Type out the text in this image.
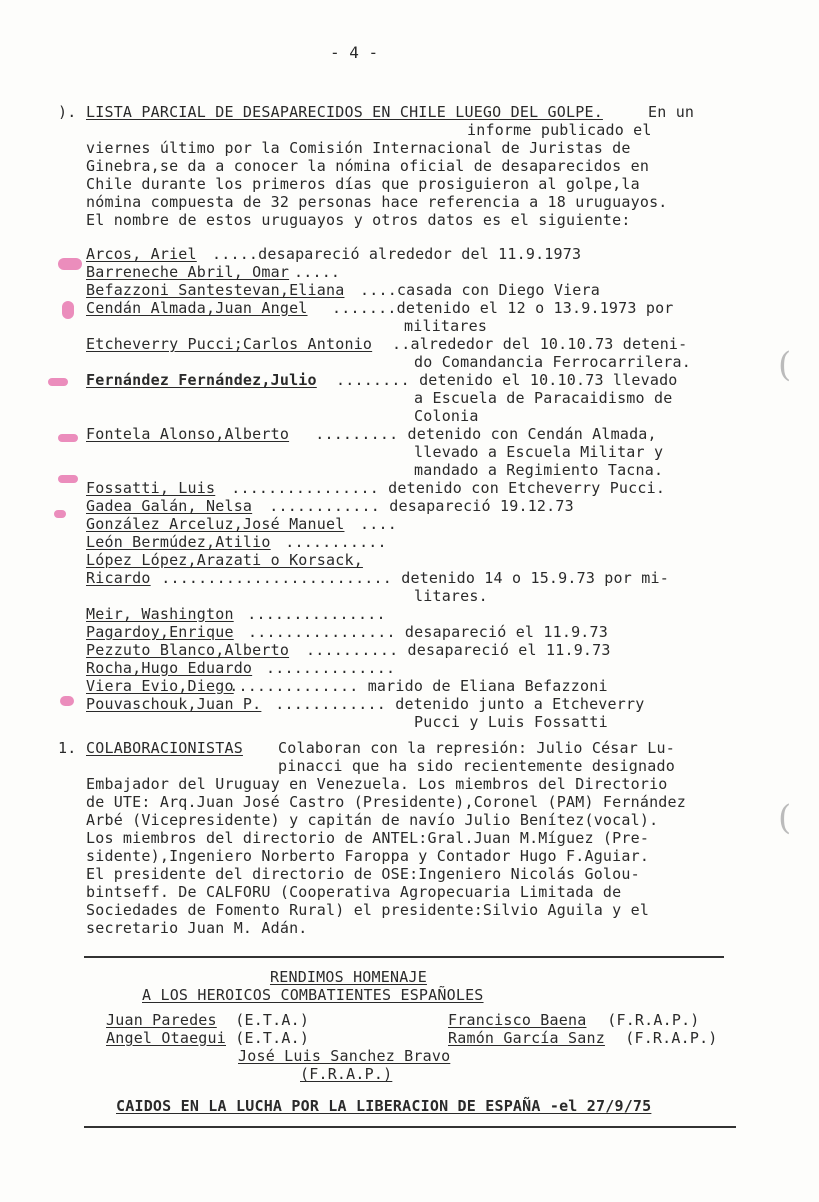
- 4 -
). LISTA PARCIAL DE DESAPARECIDOS EN CHILE LUEGO DEL GOLPE.	En un
informe publicado el
viernes último por la Comisión Internacional de Juristas de
Ginebra,se da a conocer la nómina oficial de desaparecidos en
Chile durante los primeros días que prosiguieron al golpe,la
nómina compuesta de 32 personas hace referencia a 18 uruguayos.
El nombre de estos uruguayos y otros datos es el siguiente:
Arcos, Ariel .....desapareció alrededor del 11.9.1973
Barreneche Abril, Omar .....
Befazzoni Santestevan,Eliana ....casada con Diego Viera
Cendán Almada,Juan Angel .......detenido el 12 o 13.9.1973 por
militares
Etcheverry Pucci;Carlos Antonio ..alrededor del 10.10.73 deteni-
do Comandancia Ferrocarrilera.
Fernández Fernández,Julio ........ detenido el 10.10.73 llevado
a Escuela de Paracaidismo de
Colonia
Fontela Alonso,Alberto ......... detenido con Cendán Almada,
llevado a Escuela Militar y
mandado a Regimiento Tacna.
Fossatti, Luis ................ detenido con Etcheverry Pucci.
Gadea Galán, Nelsa ............ desapareció 19.12.73
González Arceluz,José Manuel ....
León Bermúdez,Atilio ...........
López López,Arazati o Korsack,
Ricardo ......................... detenido 14 o 15.9.73 por mi-
litares.
Meir, Washington ...............
Pagardoy,Enrique ................ desapareció el 11.9.73
Pezzuto Blanco,Alberto .......... desapareció el 11.9.73
Rocha,Hugo Eduardo ..............
Viera Evio,Diego
.............. marido de Eliana Befazzoni
Pouvaschouk,Juan P. ............ detenido junto a Etcheverry
Pucci y Luis Fossatti
1. COLABORACIONISTAS Colaboran con la represión: Julio César Lu-
pinacci que ha sido recientemente designado
Embajador del Uruguay en Venezuela. Los miembros del Directorio
de UTE: Arq.Juan José Castro (Presidente),Coronel (PAM) Fernández
Arbé (Vicepresidente) y capitán de navío Julio Benítez(vocal).
Los miembros del directorio de ANTEL:Gral.Juan M.Míguez (Pre-
sidente),Ingeniero Norberto Faroppa y Contador Hugo F.Aguiar.
El presidente del directorio de OSE:Ingeniero Nicolás Golou-
bintseff. De CALFORU (Cooperativa Agropecuaria Limitada de
Sociedades de Fomento Rural) el presidente:Silvio Aguila y el
secretario Juan M. Adán.
RENDIMOS HOMENAJE
A LOS HEROICOS COMBATIENTES ESPAÑOLES
Juan Paredes (E.T.A.)
Angel Otaegui (E.T.A.)
Francisco Baena (F.R.A.P.)
Ramón García Sanz (F.R.A.P.)
José Luis Sanchez Bravo
(F.R.A.P.)
CAIDOS EN LA LUCHA POR LA LIBERACION DE ESPAÑA -el 27/9/75
(
(
